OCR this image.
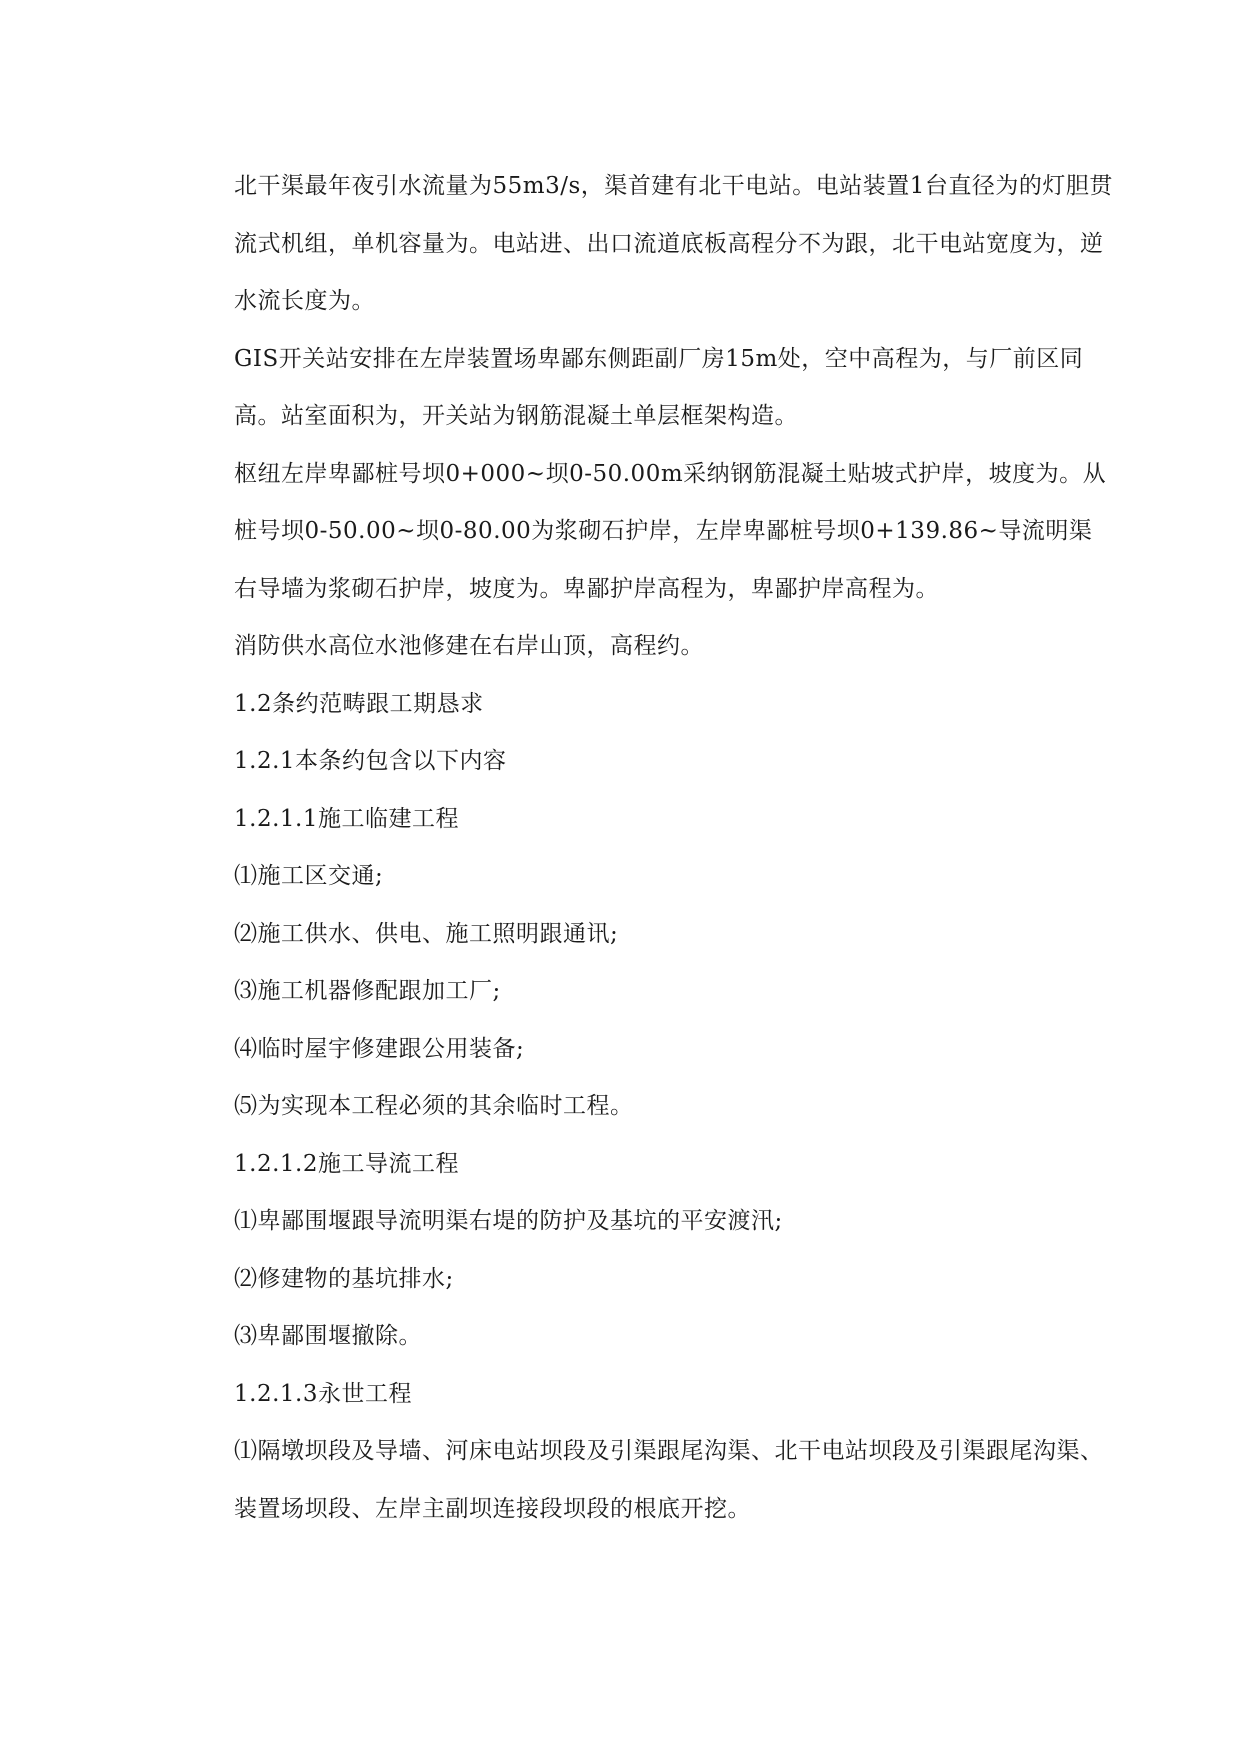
北干渠最年夜引水流量为55m3/s，渠首建有北干电站。电站装置1台直径为的灯胆贯流式机组，单机容量为。电站进、出口流道底板高程分不为跟，北干电站宽度为，逆水流长度为。

GIS开关站安排在左岸装置场卑鄙东侧距副厂房15m处，空中高程为，与厂前区同高。站室面积为，开关站为钢筋混凝土单层框架构造。

枢纽左岸卑鄙桩号坝0+000~坝0-50.00m采纳钢筋混凝土贴坡式护岸，坡度为。从桩号坝0-50.00~坝0-80.00为浆砌石护岸，左岸卑鄙桩号坝0+139.86~导流明渠右导墙为浆砌石护岸，坡度为。卑鄙护岸高程为，卑鄙护岸高程为。

消防供水高位水池修建在右岸山顶，高程约。

1.2条约范畴跟工期恳求

1.2.1本条约包含以下内容

1.2.1.1施工临建工程

⑴施工区交通;

⑵施工供水、供电、施工照明跟通讯;

⑶施工机器修配跟加工厂;

⑷临时屋宇修建跟公用装备;

⑸为实现本工程必须的其余临时工程。

1.2.1.2施工导流工程

⑴卑鄙围堰跟导流明渠右堤的防护及基坑的平安渡汛;

⑵修建物的基坑排水;

⑶卑鄙围堰撤除。

1.2.1.3永世工程

⑴隔墩坝段及导墙、河床电站坝段及引渠跟尾沟渠、北干电站坝段及引渠跟尾沟渠、装置场坝段、左岸主副坝连接段坝段的根底开挖。
